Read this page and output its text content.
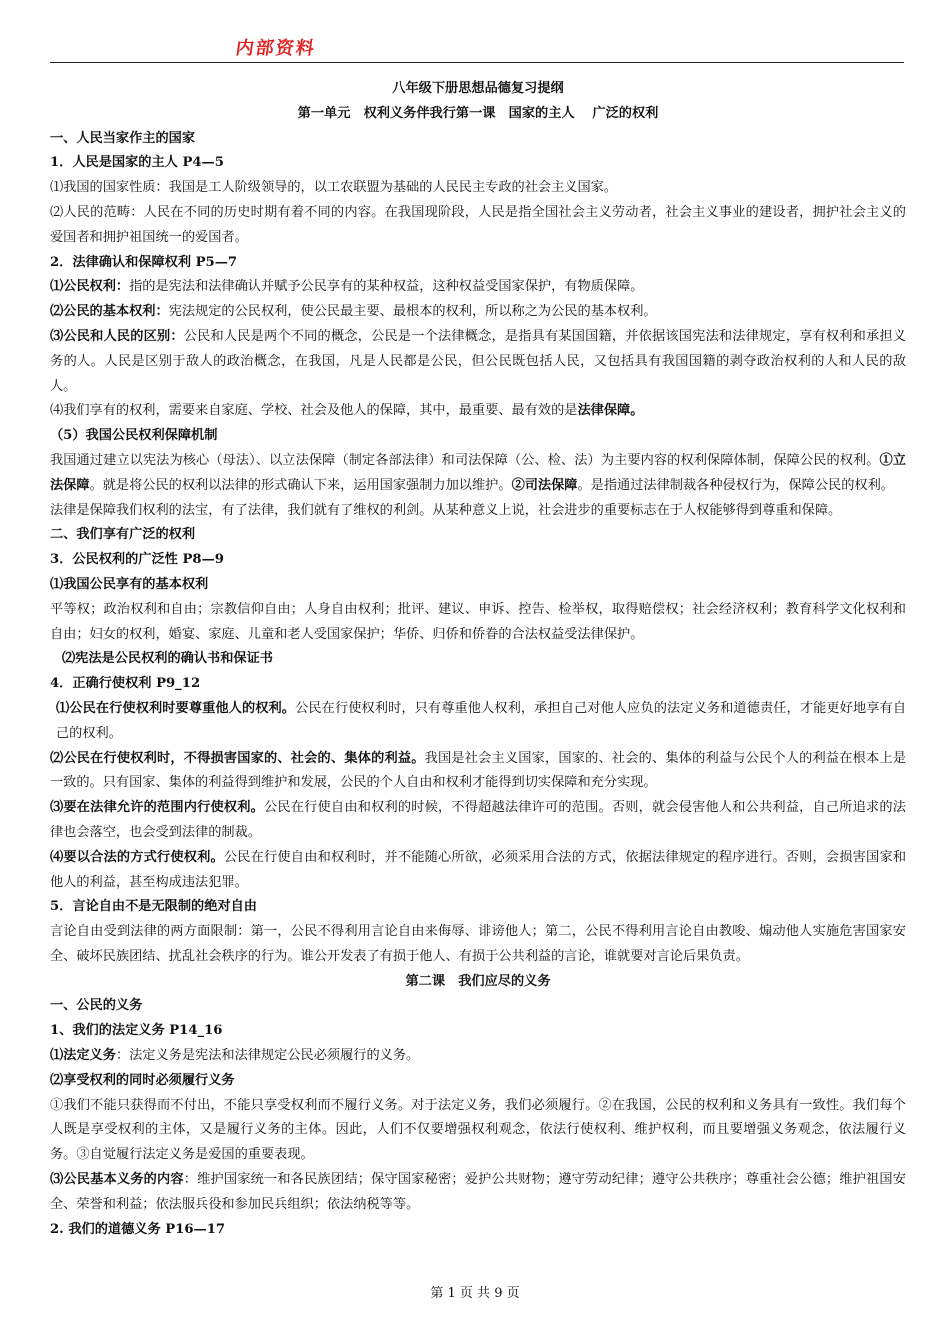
内部资料

八年级下册思想品德复习提纲

第一单元　权利义务伴我行第一课　国家的主人　 广泛的权利

一、人民当家作主的国家

1．人民是国家的主人 P4—5

⑴我国的国家性质：我国是工人阶级领导的，以工农联盟为基础的人民民主专政的社会主义国家。

⑵人民的范畴：人民在不同的历史时期有着不同的内容。在我国现阶段，人民是指全国社会主义劳动者，社会主义事业的建设者，拥护社会主义的爱国者和拥护祖国统一的爱国者。

2．法律确认和保障权利 P5—7

⑴公民权利：指的是宪法和法律确认并赋予公民享有的某种权益，这种权益受国家保护，有物质保障。

⑵公民的基本权利：宪法规定的公民权利，使公民最主要、最根本的权利，所以称之为公民的基本权利。

⑶公民和人民的区别：公民和人民是两个不同的概念，公民是一个法律概念，是指具有某国国籍，并依据该国宪法和法律规定，享有权利和承担义务的人。人民是区别于敌人的政治概念，在我国，凡是人民都是公民，但公民既包括人民，又包括具有我国国籍的剥夺政治权利的人和人民的敌人。

⑷我们享有的权利，需要来自家庭、学校、社会及他人的保障，其中，最重要、最有效的是法律保障。

（5）我国公民权利保障机制

我国通过建立以宪法为核心（母法）、以立法保障（制定各部法律）和司法保障（公、检、法）为主要内容的权利保障体制，保障公民的权利。①立法保障。就是将公民的权利以法律的形式确认下来，运用国家强制力加以维护。②司法保障。是指通过法律制裁各种侵权行为，保障公民的权利。

法律是保障我们权利的法宝，有了法律，我们就有了维权的利剑。从某种意义上说，社会进步的重要标志在于人权能够得到尊重和保障。

二、我们享有广泛的权利

3．公民权利的广泛性 P8—9

⑴我国公民享有的基本权利

平等权；政治权利和自由；宗教信仰自由；人身自由权利；批评、建议、申诉、控告、检举权，取得赔偿权；社会经济权利；教育科学文化权利和自由；妇女的权利，婚宴、家庭、儿童和老人受国家保护；华侨、归侨和侨眷的合法权益受法律保护。

⑵宪法是公民权利的确认书和保证书

4．正确行使权利 P9_12

⑴公民在行使权利时要尊重他人的权利。公民在行使权利时，只有尊重他人权利，承担自己对他人应负的法定义务和道德责任，才能更好地享有自己的权利。

⑵公民在行使权利时，不得损害国家的、社会的、集体的利益。我国是社会主义国家，国家的、社会的、集体的利益与公民个人的利益在根本上是一致的。只有国家、集体的利益得到维护和发展，公民的个人自由和权利才能得到切实保障和充分实现。

⑶要在法律允许的范围内行使权利。公民在行使自由和权利的时候，不得超越法律许可的范围。否则，就会侵害他人和公共利益，自己所追求的法律也会落空，也会受到法律的制裁。

⑷要以合法的方式行使权利。公民在行使自由和权利时，并不能随心所欲，必须采用合法的方式，依据法律规定的程序进行。否则，会损害国家和他人的利益，甚至构成违法犯罪。

5．言论自由不是无限制的绝对自由

言论自由受到法律的两方面限制：第一，公民不得利用言论自由来侮辱、诽谤他人；第二，公民不得利用言论自由教唆、煽动他人实施危害国家安全、破坏民族团结、扰乱社会秩序的行为。谁公开发表了有损于他人、有损于公共利益的言论，谁就要对言论后果负责。

第二课　我们应尽的义务

一、公民的义务

1、我们的法定义务 P14_16

⑴法定义务：法定义务是宪法和法律规定公民必须履行的义务。

⑵享受权利的同时必须履行义务

①我们不能只获得而不付出，不能只享受权利而不履行义务。对于法定义务，我们必须履行。②在我国，公民的权利和义务具有一致性。我们每个人既是享受权利的主体，又是履行义务的主体。因此，人们不仅要增强权利观念，依法行使权利、维护权利，而且要增强义务观念，依法履行义务。③自觉履行法定义务是爱国的重要表现。

⑶公民基本义务的内容：维护国家统一和各民族团结；保守国家秘密；爱护公共财物；遵守劳动纪律；遵守公共秩序；尊重社会公德；维护祖国安全、荣誉和利益；依法服兵役和参加民兵组织；依法纳税等等。

2. 我们的道德义务 P16—17

第 1 页 共 9 页
